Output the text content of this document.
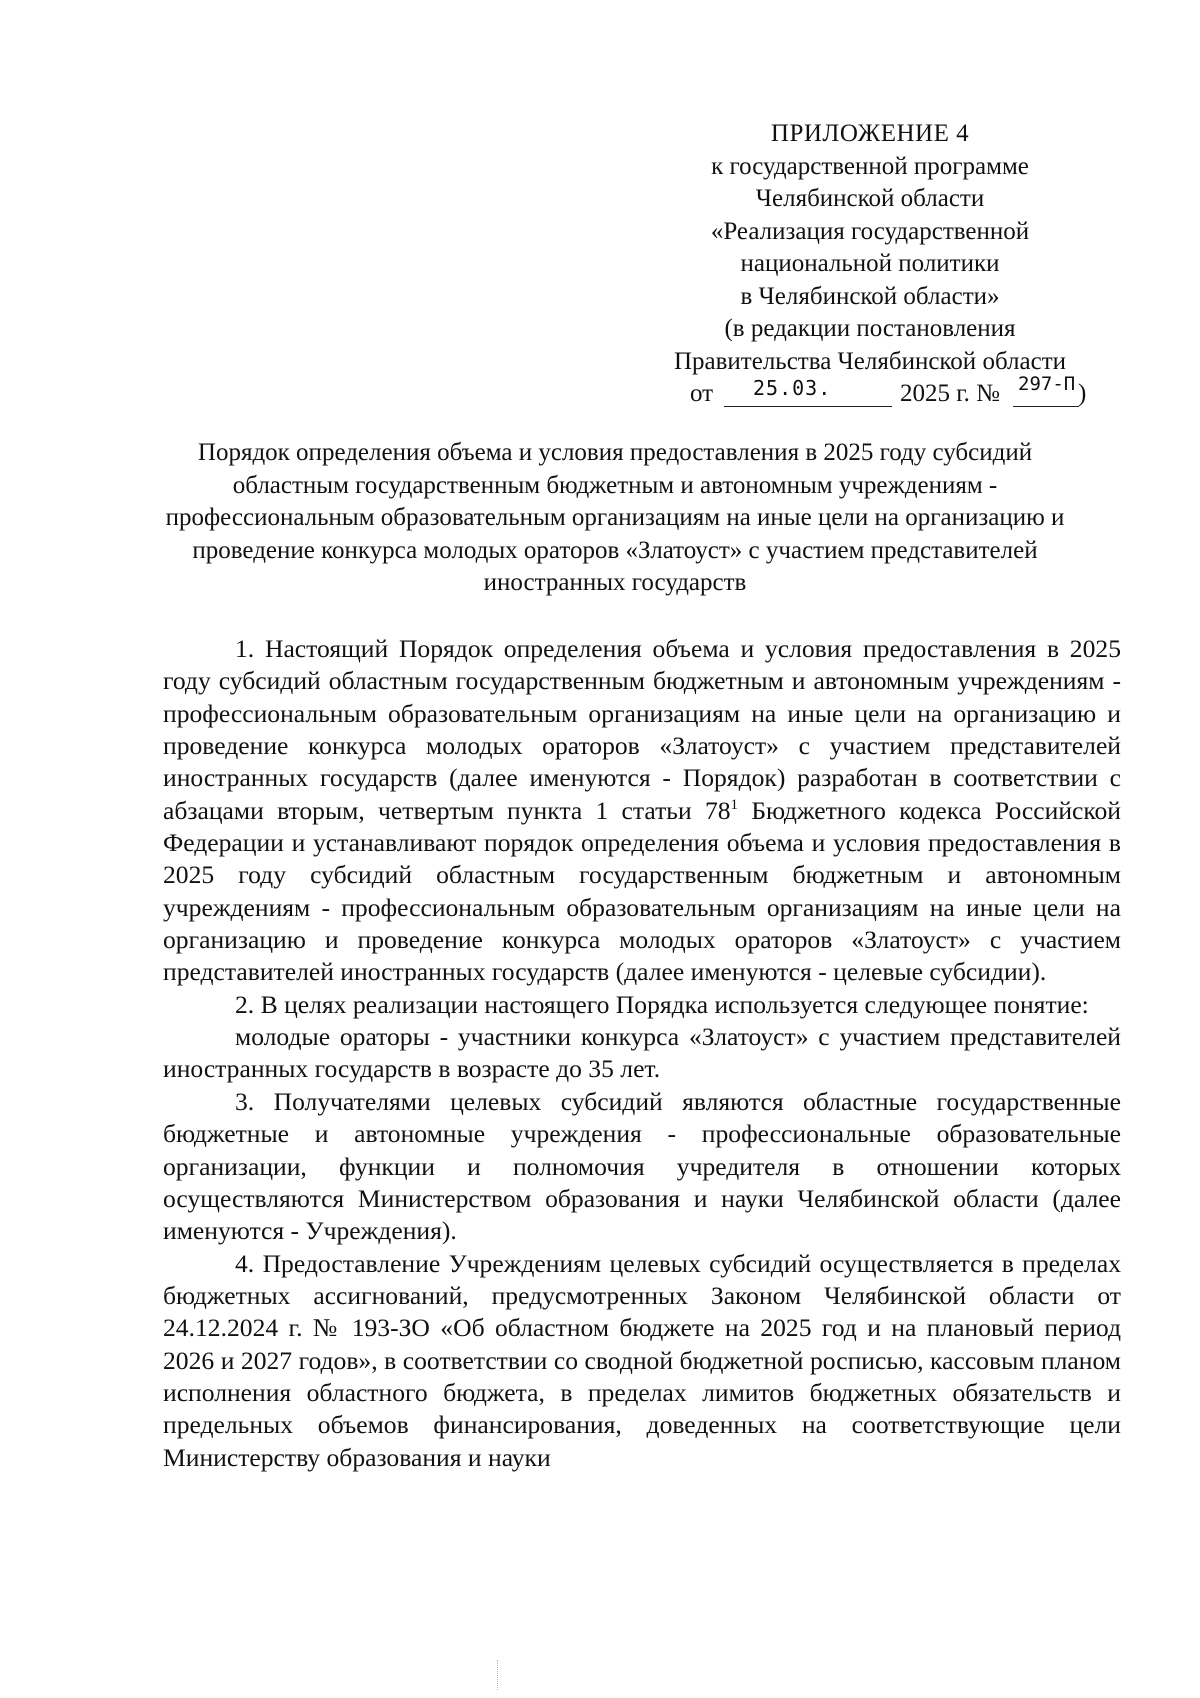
ПРИЛОЖЕНИЕ 4
к государственной программе
Челябинской области
«Реализация государственной
национальной политики
в Челябинской области»
(в редакции постановления
Правительства Челябинской области
от 25.03.	2025 г. № 297-П )
Порядок определения объема и условия предоставления в 2025 году субсидий областным государственным бюджетным и автономным учреждениям - профессиональным образовательным организациям на иные цели на организацию и проведение конкурса молодых ораторов «Златоуст» с участием представителей иностранных государств

1. Настоящий Порядок определения объема и условия предоставления в 2025 году субсидий областным государственным бюджетным и автономным учреждениям - профессиональным образовательным организациям на иные цели на организацию и проведение конкурса молодых ораторов «Златоуст» с участием представителей иностранных государств (далее именуются - Порядок) разработан в соответствии с абзацами вторым, четвертым пункта 1 статьи $78^1$ Бюджетного кодекса Российской Федерации и устанавливают порядок определения объема и условия предоставления в 2025 году субсидий областным государственным бюджетным и автономным учреждениям - профессиональным образовательным организациям на иные цели на организацию и проведение конкурса молодых ораторов «Златоуст» с участием представителей иностранных государств (далее именуются - целевые субсидии).

2. В целях реализации настоящего Порядка используется следующее понятие:

молодые ораторы - участники конкурса «Златоуст» с участием представителей иностранных государств в возрасте до 35 лет.

3. Получателями целевых субсидий являются областные государственные бюджетные и автономные учреждения - профессиональные образовательные организации, функции и полномочия учредителя в отношении которых осуществляются Министерством образования и науки Челябинской области (далее именуются - Учреждения).

4. Предоставление Учреждениям целевых субсидий осуществляется в пределах бюджетных ассигнований, предусмотренных Законом Челябинской области от 24.12.2024 г. № 193-ЗО «Об областном бюджете на 2025 год и на плановый период 2026 и 2027 годов», в соответствии со сводной бюджетной росписью, кассовым планом исполнения областного бюджета, в пределах лимитов бюджетных обязательств и предельных объемов финансирования, доведенных на соответствующие цели Министерству образования и науки
